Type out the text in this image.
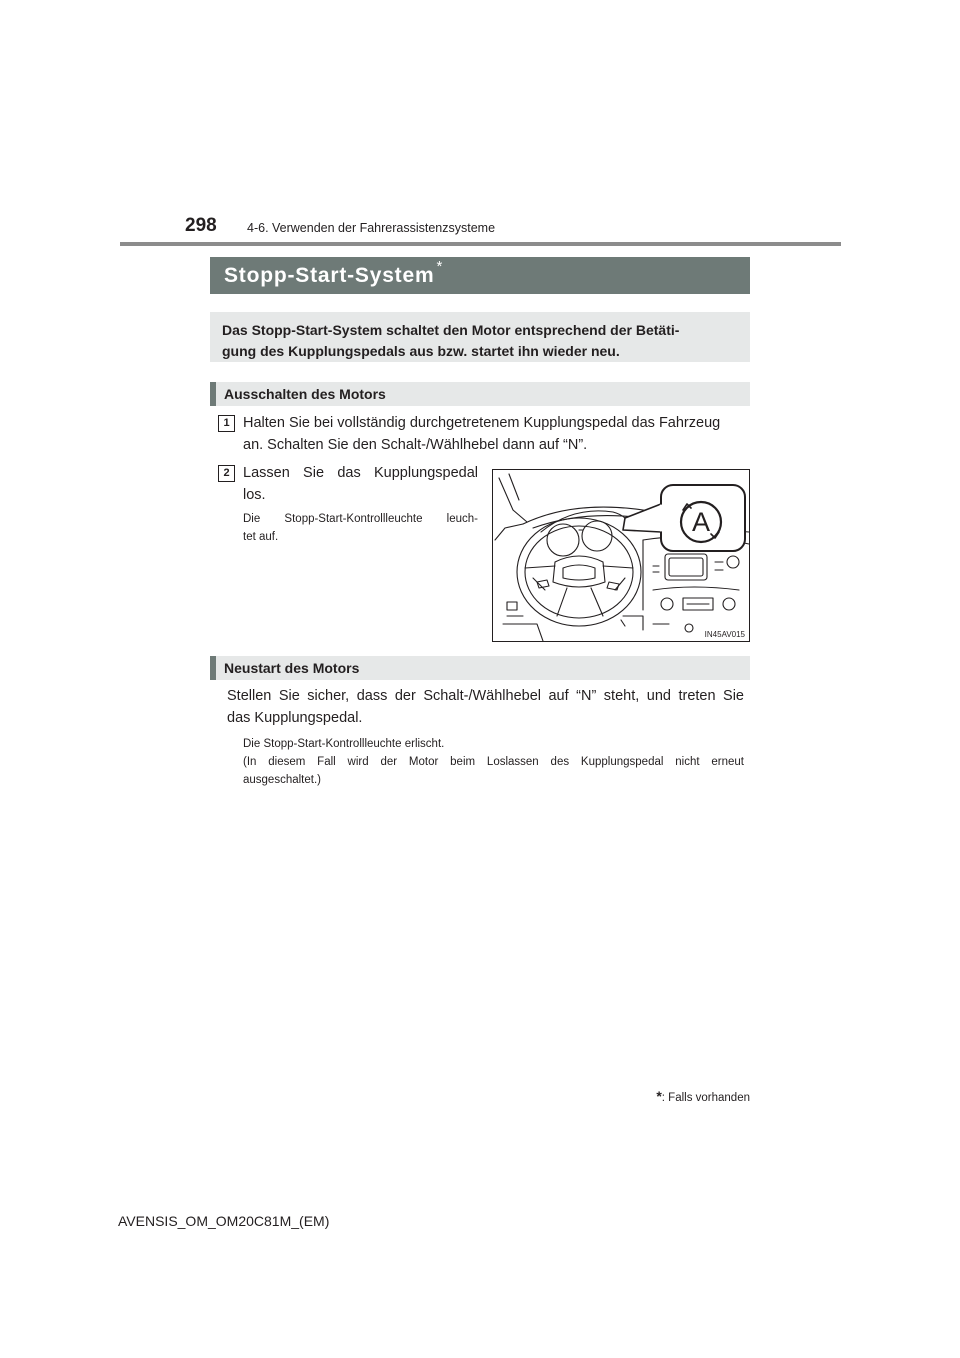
298 4-6. Verwenden der Fahrerassistenzsysteme
Stopp-Start-System *
Das Stopp-Start-System schaltet den Motor entsprechend der Betäti-
gung des Kupplungspedals aus bzw. startet ihn wieder neu.
Ausschalten des Motors
1 Halten Sie bei vollständig durchgetretenem Kupplungspedal das Fahrzeug
an. Schalten Sie den Schalt-/Wählhebel dann auf “N”.
2 Lassen Sie das Kupplungspedal
los.
Die Stopp-Start-Kontrollleuchte leuch-
tet auf.	A
IN45AV015
Neustart des Motors
Stellen Sie sicher, dass der Schalt-/Wählhebel auf “N” steht, und treten Sie
das Kupplungspedal.
Die Stopp-Start-Kontrollleuchte erlischt.
(In diesem Fall wird der Motor beim Loslassen des Kupplungspedal nicht erneut
ausgeschaltet.)
*: Falls vorhanden
AVENSIS_OM_OM20C81M_(EM)
